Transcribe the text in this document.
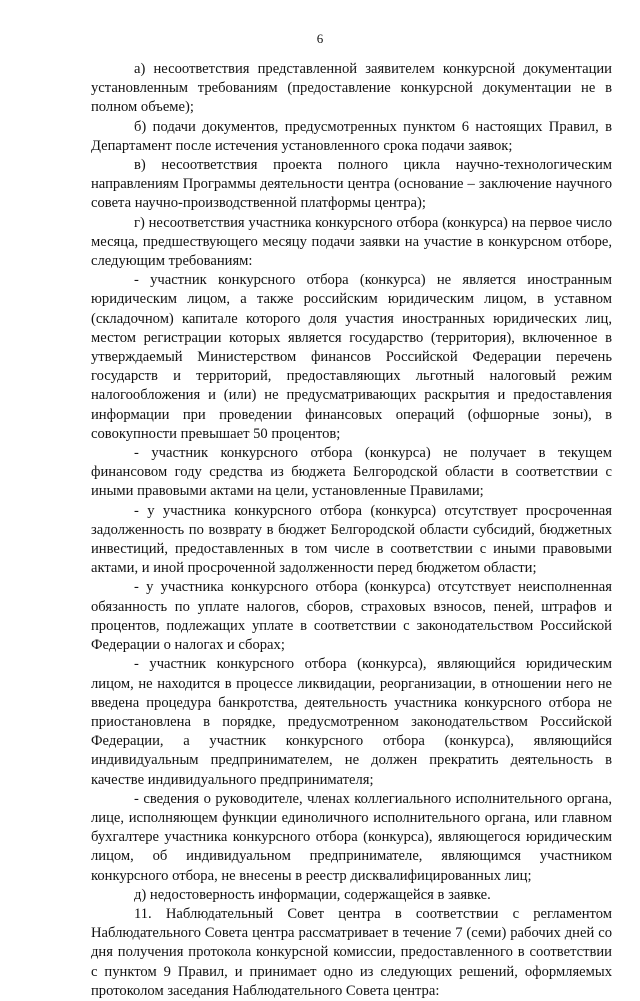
6

а) несоответствия представленной заявителем конкурсной документации установленным требованиям (предоставление конкурсной документации не в полном объеме);

б) подачи документов, предусмотренных пунктом 6 настоящих Правил, в Департамент после истечения установленного срока подачи заявок;

в) несоответствия проекта полного цикла научно-технологическим направлениям Программы деятельности центра (основание – заключение научного совета научно-производственной платформы центра);

г) несоответствия участника конкурсного отбора (конкурса) на первое число месяца, предшествующего месяцу подачи заявки на участие в конкурсном отборе, следующим требованиям:

- участник конкурсного отбора (конкурса) не является иностранным юридическим лицом, а также российским юридическим лицом, в уставном (складочном) капитале которого доля участия иностранных юридических лиц, местом регистрации которых является государство (территория), включенное в утверждаемый Министерством финансов Российской Федерации перечень государств и территорий, предоставляющих льготный налоговый режим налогообложения и (или) не предусматривающих раскрытия и предоставления информации при проведении финансовых операций (офшорные зоны), в совокупности превышает 50 процентов;

- участник конкурсного отбора (конкурса) не получает в текущем финансовом году средства из бюджета Белгородской области в соответствии с иными правовыми актами на цели, установленные Правилами;

- у участника конкурсного отбора (конкурса) отсутствует просроченная задолженность по возврату в бюджет Белгородской области субсидий, бюджетных инвестиций, предоставленных в том числе в соответствии с иными правовыми актами, и иной просроченной задолженности перед бюджетом области;

- у участника конкурсного отбора (конкурса) отсутствует неисполненная обязанность по уплате налогов, сборов, страховых взносов, пеней, штрафов и процентов, подлежащих уплате в соответствии с законодательством Российской Федерации о налогах и сборах;

- участник конкурсного отбора (конкурса), являющийся юридическим лицом, не находится в процессе ликвидации, реорганизации, в отношении него не введена процедура банкротства, деятельность участника конкурсного отбора не приостановлена в порядке, предусмотренном законодательством Российской Федерации, а участник конкурсного отбора (конкурса), являющийся индивидуальным предпринимателем, не должен прекратить деятельность в качестве индивидуального предпринимателя;

- сведения о руководителе, членах коллегиального исполнительного органа, лице, исполняющем функции единоличного исполнительного органа, или главном бухгалтере участника конкурсного отбора (конкурса), являющегося юридическим лицом, об индивидуальном предпринимателе, являющимся участником конкурсного отбора, не внесены в реестр дисквалифицированных лиц;

д) недостоверность информации, содержащейся в заявке.

11. Наблюдательный Совет центра в соответствии с регламентом Наблюдательного Совета центра рассматривает в течение 7 (семи) рабочих дней со дня получения протокола конкурсной комиссии, предоставленного в соответствии с пунктом 9 Правил, и принимает одно из следующих решений, оформляемых протоколом заседания Наблюдательного Совета центра:
